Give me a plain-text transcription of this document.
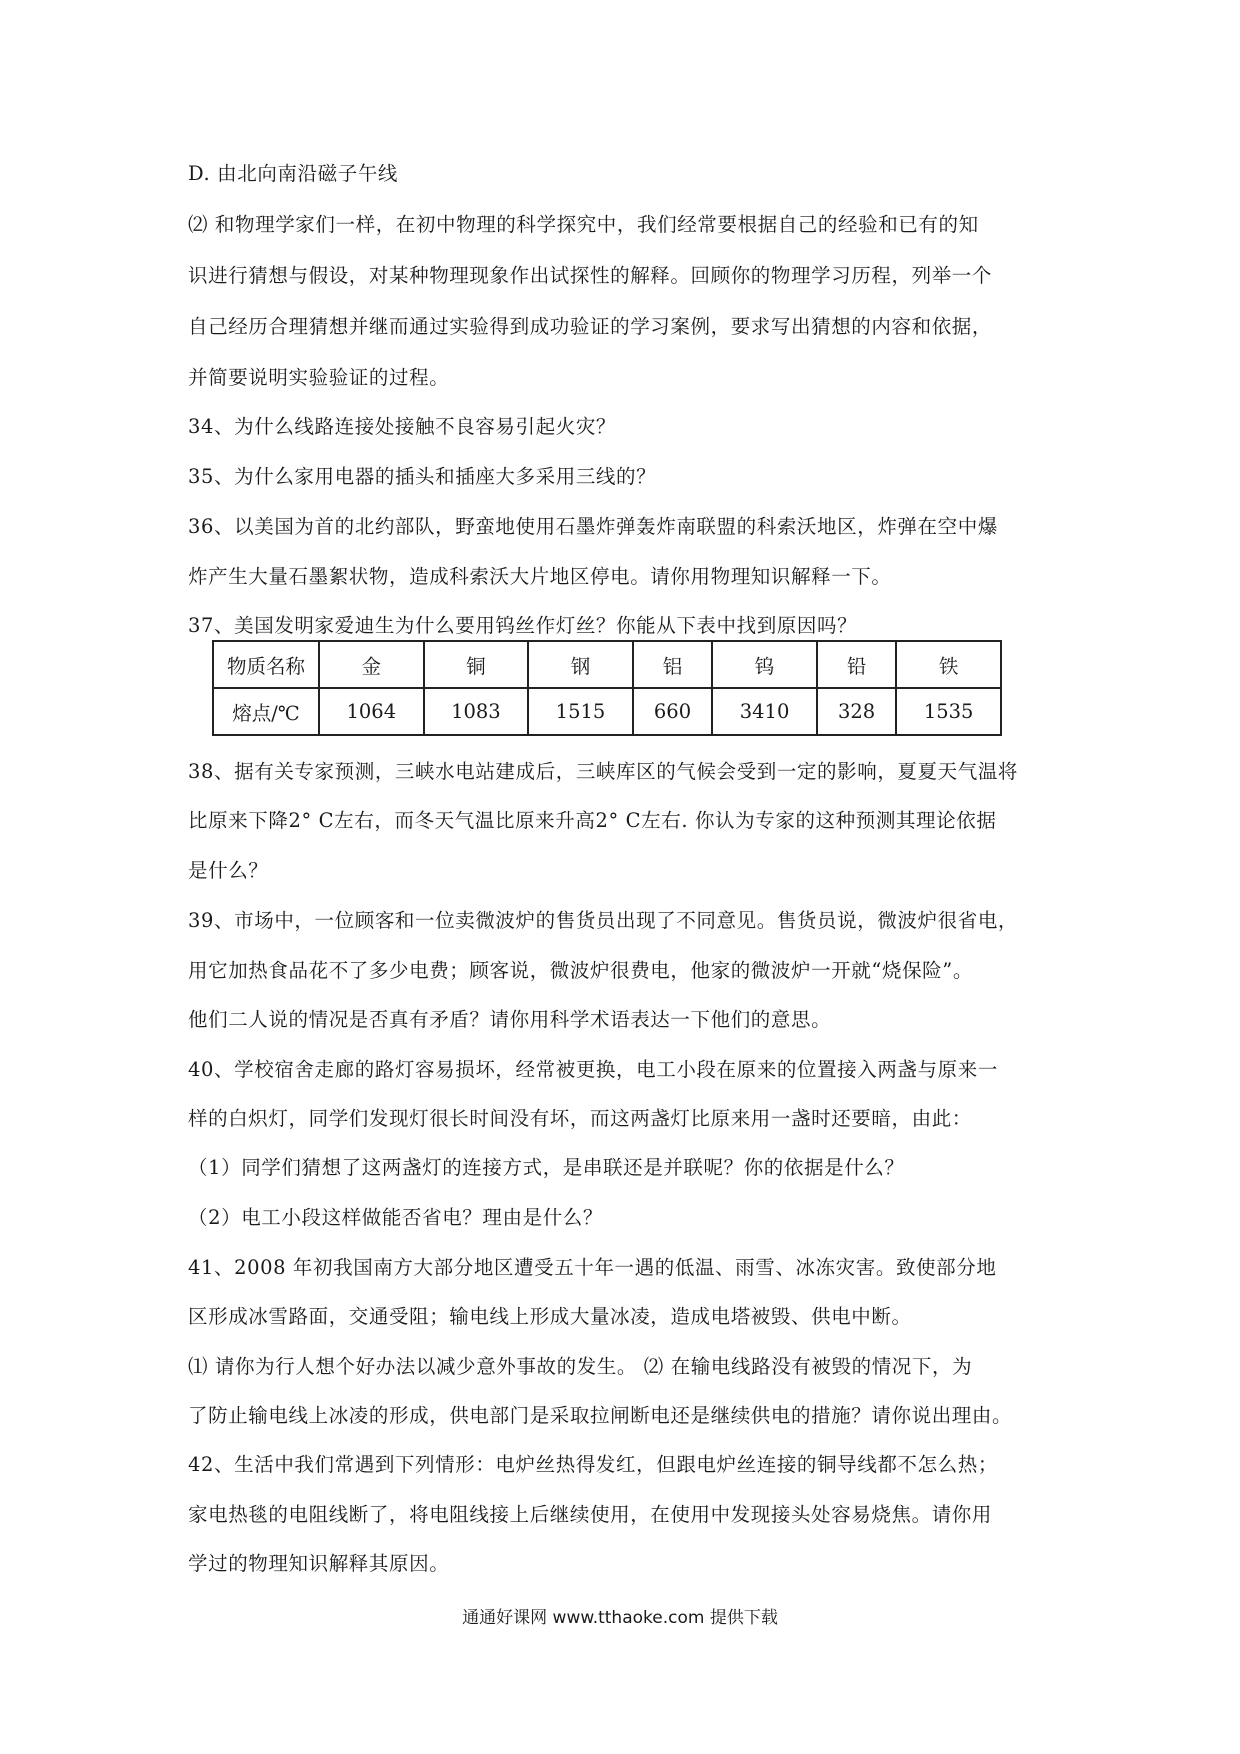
D. 由北向南沿磁子午线
⑵ 和物理学家们一样，在初中物理的科学探究中，我们经常要根据自己的经验和已有的知
识进行猜想与假设，对某种物理现象作出试探性的解释。回顾你的物理学习历程，列举一个
自己经历合理猜想并继而通过实验得到成功验证的学习案例，要求写出猜想的内容和依据，
并简要说明实验验证的过程。
34、为什么线路连接处接触不良容易引起火灾？
35、为什么家用电器的插头和插座大多采用三线的？
36、以美国为首的北约部队，野蛮地使用石墨炸弹轰炸南联盟的科索沃地区，炸弹在空中爆
炸产生大量石墨絮状物，造成科索沃大片地区停电。请你用物理知识解释一下。
37、美国发明家爱迪生为什么要用钨丝作灯丝？你能从下表中找到原因吗？
物质名称	金	铜	钢	铝	钨	铅	铁
熔点/℃	1064	1083	1515	660	3410	328	1535
38、据有关专家预测，三峡水电站建成后，三峡库区的气候会受到一定的影响，夏夏天气温将
比原来下降2° C左右，而冬天气温比原来升高2° C左右. 你认为专家的这种预测其理论依据
是什么？
39、市场中，一位顾客和一位卖微波炉的售货员出现了不同意见。售货员说，微波炉很省电，
用它加热食品花不了多少电费；顾客说，微波炉很费电，他家的微波炉一开就“烧保险”。
他们二人说的情况是否真有矛盾？请你用科学术语表达一下他们的意思。
40、学校宿舍走廊的路灯容易损坏，经常被更换，电工小段在原来的位置接入两盏与原来一
样的白炽灯，同学们发现灯很长时间没有坏，而这两盏灯比原来用一盏时还要暗，由此：
（1）同学们猜想了这两盏灯的连接方式，是串联还是并联呢？你的依据是什么？
（2）电工小段这样做能否省电？理由是什么？
41、2008 年初我国南方大部分地区遭受五十年一遇的低温、雨雪、冰冻灾害。致使部分地
区形成冰雪路面，交通受阻；输电线上形成大量冰凌，造成电塔被毁、供电中断。
⑴ 请你为行人想个好办法以减少意外事故的发生。 ⑵ 在输电线路没有被毁的情况下，为
了防止输电线上冰凌的形成，供电部门是采取拉闸断电还是继续供电的措施？请你说出理由。
42、生活中我们常遇到下列情形：电炉丝热得发红，但跟电炉丝连接的铜导线都不怎么热；
家电热毯的电阻线断了，将电阻线接上后继续使用，在使用中发现接头处容易烧焦。请你用
学过的物理知识解释其原因。
通通好课网 www.tthaoke.com 提供下载
